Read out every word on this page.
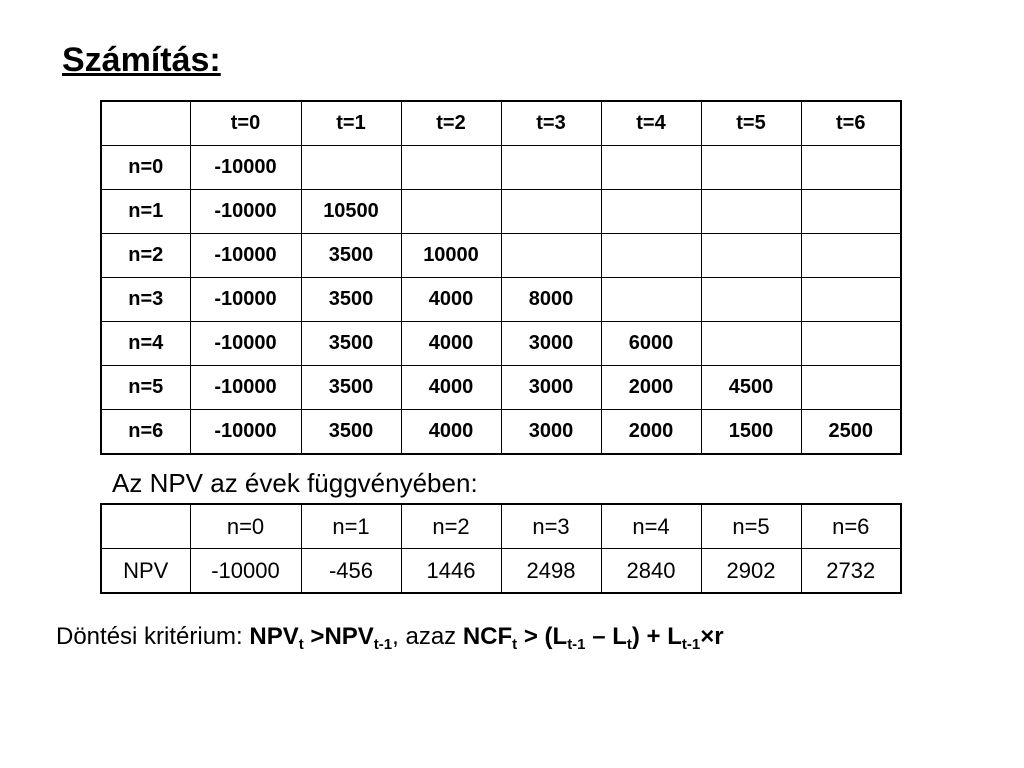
Számítás:
	t=0	t=1	t=2	t=3	t=4	t=5	t=6
n=0	-10000						
n=1	-10000	10500					
n=2	-10000	3500	10000				
n=3	-10000	3500	4000	8000			
n=4	-10000	3500	4000	3000	6000		
n=5	-10000	3500	4000	3000	2000	4500	
n=6	-10000	3500	4000	3000	2000	1500	2500
Az NPV az évek függvényében:
	n=0	n=1	n=2	n=3	n=4	n=5	n=6
NPV	-10000	-456	1446	2498	2840	2902	2732

Döntési kritérium: $NPV_t >NPV_{t-1}$, azaz $NCF_t > (L_{t-1} - L_t) + L_{t-1}\times r$
